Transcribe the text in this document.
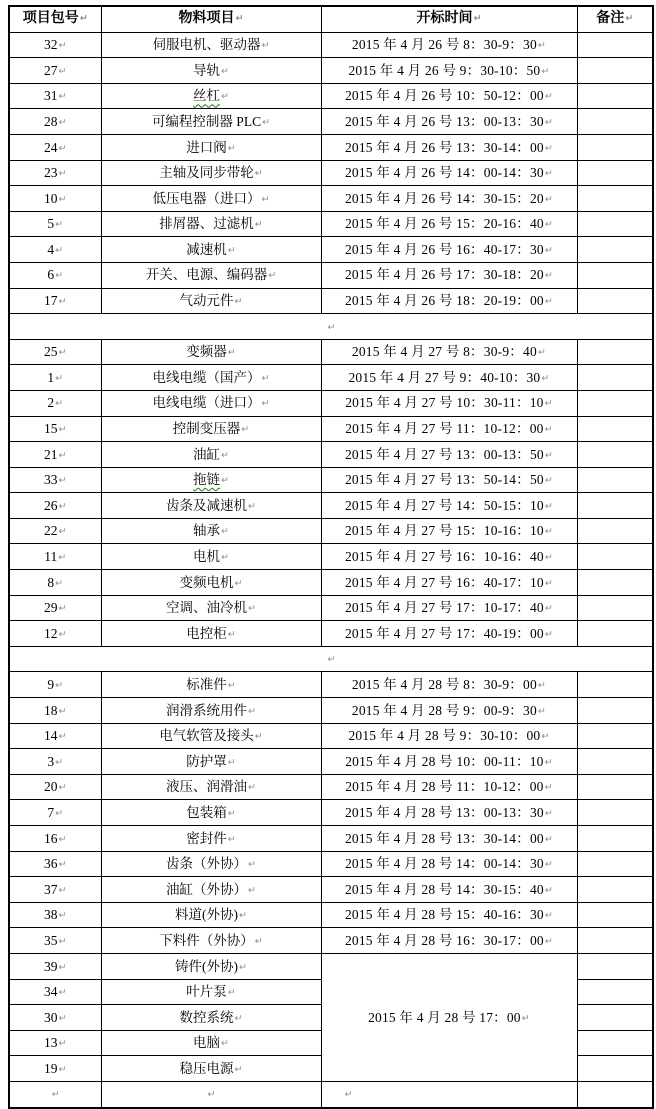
项目包号↵	物料项目↵	开标时间↵	备注↵
32↵	伺服电机、驱动器↵	2015 年 4 月 26 号 8：30-9：30↵	
27↵	导轨↵	2015 年 4 月 26 号 9：30-10：50↵	
31↵	丝杠↵	2015 年 4 月 26 号 10：50-12：00↵	
28↵	可编程控制器 PLC↵	2015 年 4 月 26 号 13：00-13：30↵	
24↵	进口阀↵	2015 年 4 月 26 号 13：30-14：00↵	
23↵	主轴及同步带轮↵	2015 年 4 月 26 号 14：00-14：30↵	
10↵	低压电器（进口）↵	2015 年 4 月 26 号 14：30-15：20↵	
5↵	排屑器、过滤机↵	2015 年 4 月 26 号 15：20-16：40↵	
4↵	减速机↵	2015 年 4 月 26 号 16：40-17：30↵	
6↵	开关、电源、编码器↵	2015 年 4 月 26 号 17：30-18：20↵	
17↵	气动元件↵	2015 年 4 月 26 号 18：20-19：00↵	
↵			
25↵	变频器↵	2015 年 4 月 27 号 8：30-9：40↵	
1↵	电线电缆（国产）↵	2015 年 4 月 27 号 9：40-10：30↵	
2↵	电线电缆（进口）↵	2015 年 4 月 27 号 10：30-11：10↵	
15↵	控制变压器↵	2015 年 4 月 27 号 11：10-12：00↵	
21↵	油缸↵	2015 年 4 月 27 号 13：00-13：50↵	
33↵	拖链↵	2015 年 4 月 27 号 13：50-14：50↵	
26↵	齿条及减速机↵	2015 年 4 月 27 号 14：50-15：10↵	
22↵	轴承↵	2015 年 4 月 27 号 15：10-16：10↵	
11↵	电机↵	2015 年 4 月 27 号 16：10-16：40↵	
8↵	变频电机↵	2015 年 4 月 27 号 16：40-17：10↵	
29↵	空调、油冷机↵	2015 年 4 月 27 号 17：10-17：40↵	
12↵	电控柜↵	2015 年 4 月 27 号 17：40-19：00↵	
↵			
9↵	标准件↵	2015 年 4 月 28 号 8：30-9：00↵	
18↵	润滑系统用件↵	2015 年 4 月 28 号 9：00-9：30↵	
14↵	电气软管及接头↵	2015 年 4 月 28 号 9：30-10：00↵	
3↵	防护罩↵	2015 年 4 月 28 号 10：00-11：10↵	
20↵	液压、润滑油↵	2015 年 4 月 28 号 11：10-12：00↵	
7↵	包装箱↵	2015 年 4 月 28 号 13：00-13：30↵	
16↵	密封件↵	2015 年 4 月 28 号 13：30-14：00↵	
36↵	齿条（外协）↵	2015 年 4 月 28 号 14：00-14：30↵	
37↵	油缸（外协）↵	2015 年 4 月 28 号 14：30-15：40↵	
38↵	料道(外协)↵	2015 年 4 月 28 号 15：40-16：30↵	
35↵	下料件（外协）↵	2015 年 4 月 28 号 16：30-17：00↵	
39↵	铸件(外协)↵	2015 年 4 月 28 号 17：00↵	
34↵	叶片泵↵		
30↵	数控系统↵		
13↵	电脑↵		
19↵	稳压电源↵		
↵	↵	↵	
